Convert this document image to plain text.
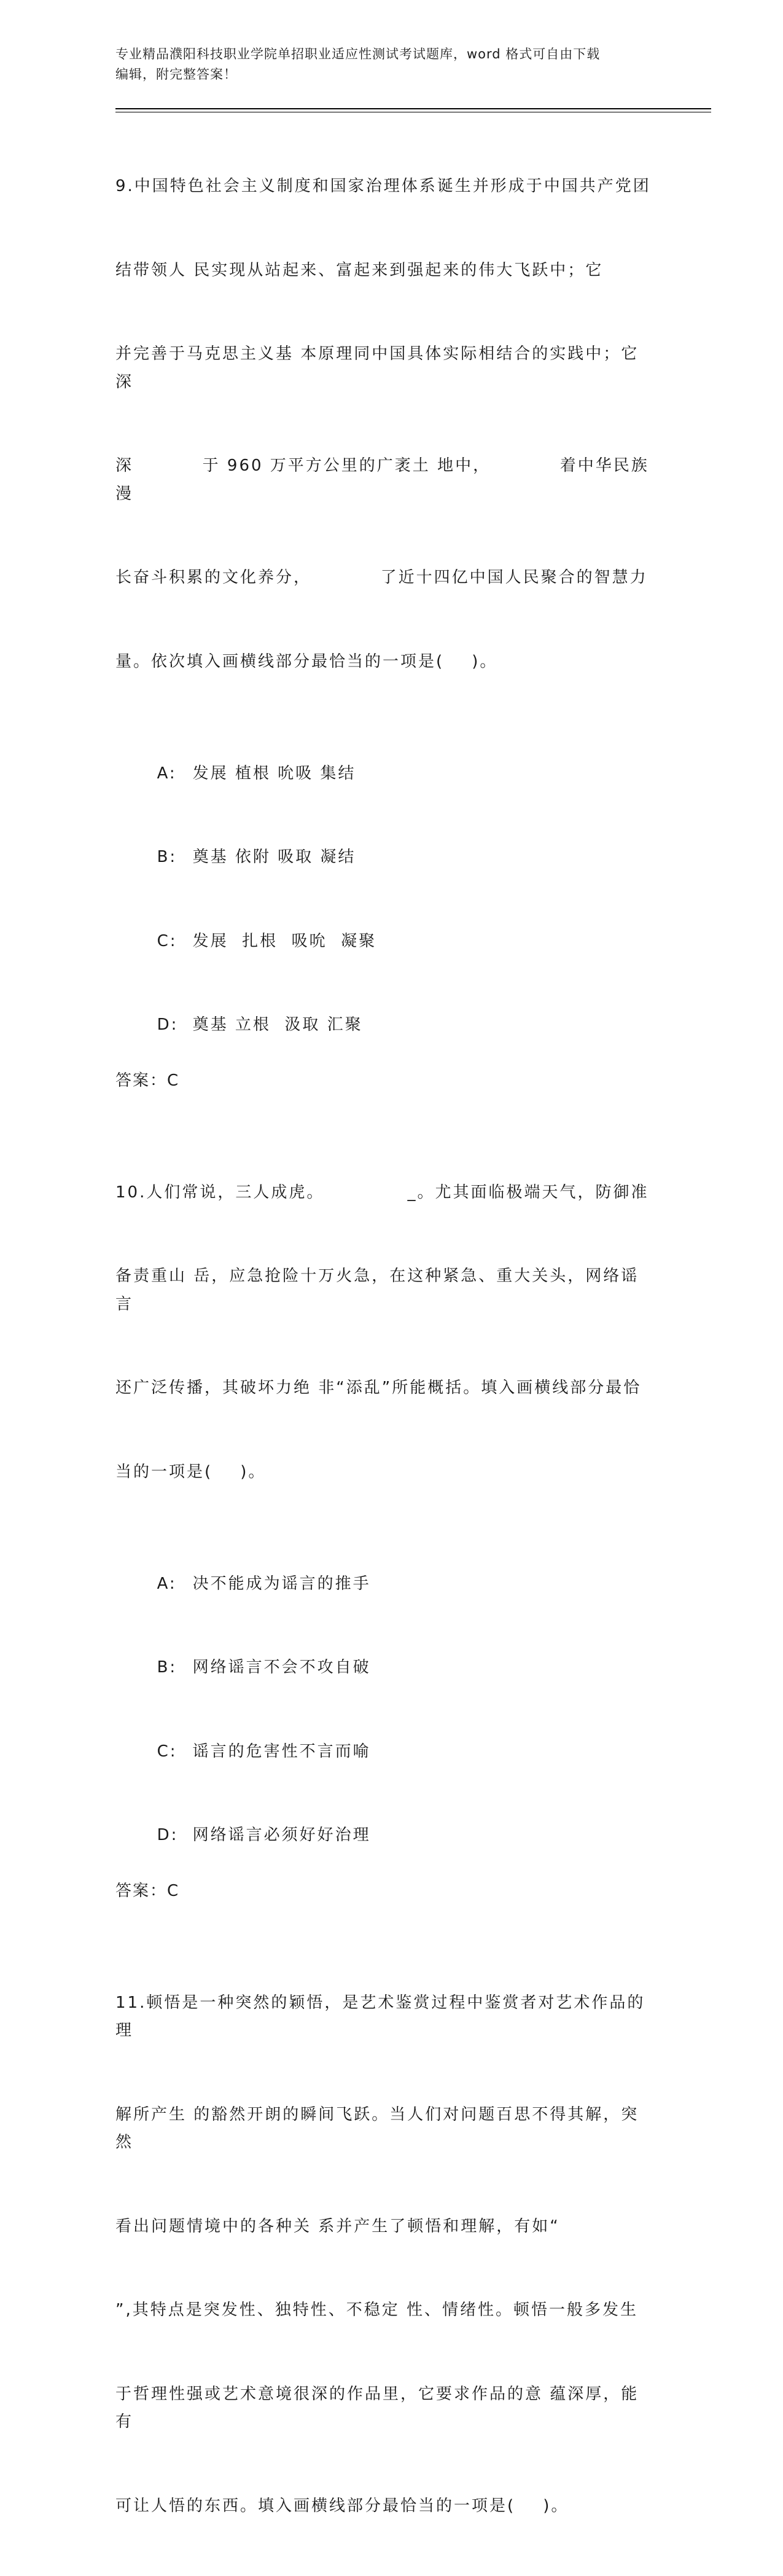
专业精品濮阳科技职业学院单招职业适应性测试考试题库，word 格式可自由下载
编辑，附完整答案！

9.中国特色社会主义制度和国家治理体系诞生并形成于中国共产党团

结带领人 民实现从站起来、富起来到强起来的伟大飞跃中；它

并完善于马克思主义基 本原理同中国具体实际相结合的实践中；它深

深          于 960 万平方公里的广袤土 地中，          着中华民族漫

长奋斗积累的文化养分，          了近十四亿中国人民聚合的智慧力

量。依次填入画横线部分最恰当的一项是(    )。

A: 发展 植根 吮吸 集结

B: 奠基 依附 吸取 凝结

C: 发展  扎根  吸吮  凝聚

D: 奠基 立根  汲取 汇聚

答案：C

10.人们常说，三人成虎。            _。尤其面临极端天气，防御准

备责重山 岳，应急抢险十万火急，在这种紧急、重大关头，网络谣言

还广泛传播，其破坏力绝 非“添乱”所能概括。填入画横线部分最恰

当的一项是(    )。

A: 决不能成为谣言的推手

B: 网络谣言不会不攻自破

C: 谣言的危害性不言而喻

D: 网络谣言必须好好治理

答案：C

11.顿悟是一种突然的颖悟，是艺术鉴赏过程中鉴赏者对艺术作品的理

解所产生 的豁然开朗的瞬间飞跃。当人们对问题百思不得其解，突然

看出问题情境中的各种关 系并产生了顿悟和理解，有如“

”,其特点是突发性、独特性、不稳定 性、情绪性。顿悟一般多发生

于哲理性强或艺术意境很深的作品里，它要求作品的意 蕴深厚，能有

可让人悟的东西。填入画横线部分最恰当的一项是(    )。
